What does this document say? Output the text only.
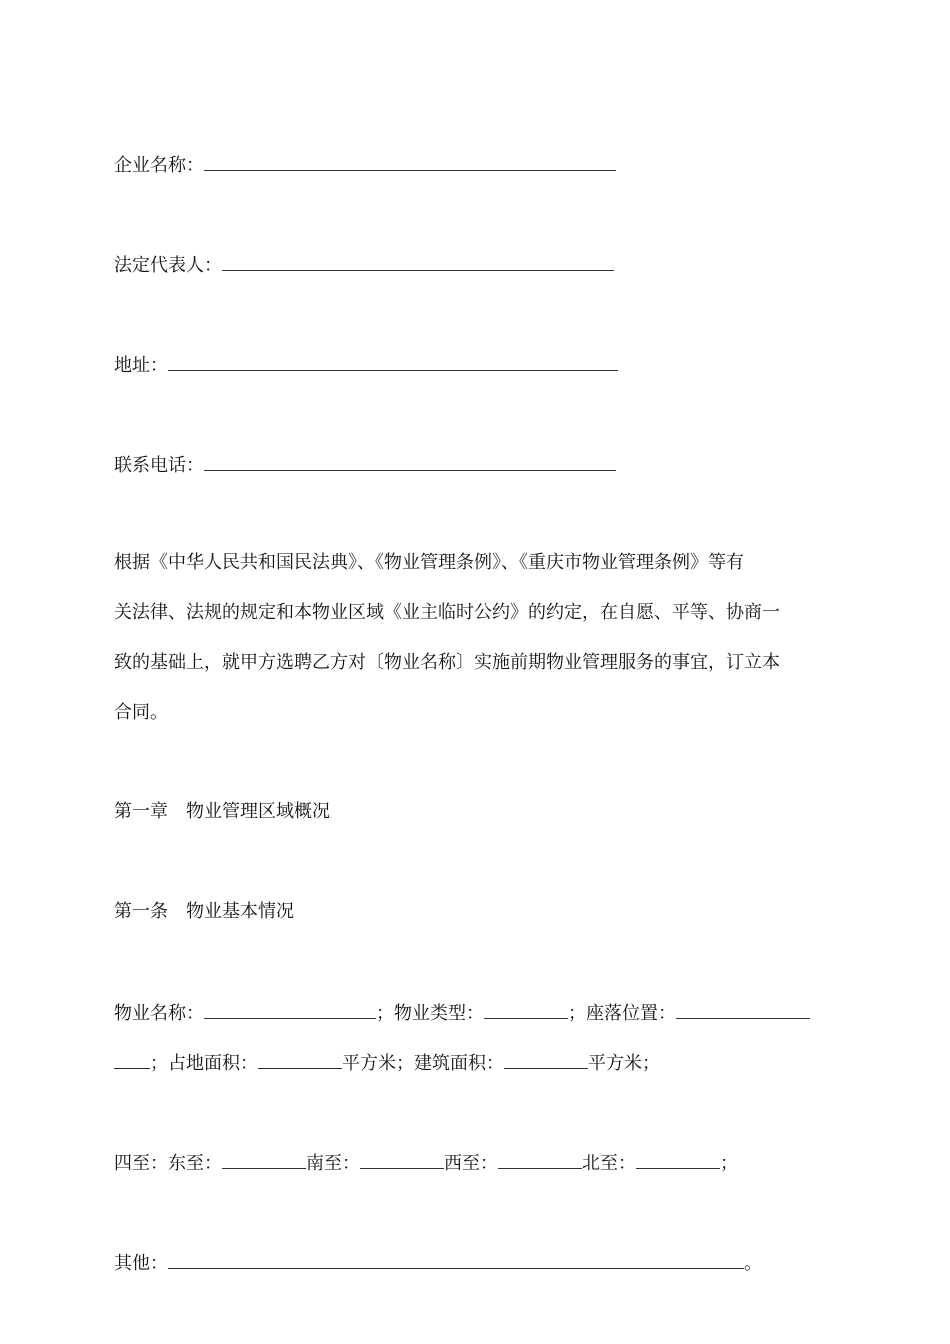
企业名称：
法定代表人：
地址：
联系电话：
根据《中华人民共和国民法典》、《物业管理条例》、《重庆市物业管理条例》等有
关法律、法规的规定和本物业区域《业主临时公约》的约定，在自愿、平等、协商一
致的基础上，就甲方选聘乙方对〔物业名称〕实施前期物业管理服务的事宜，订立本
合同。
第一章　物业管理区域概况
第一条　物业基本情况
物业名称：	；物业类型：	；座落位置：
；占地面积：	平方米；建筑面积：	平方米；
四至：东至：	南至：	西至：	北至：	；
其他：	。
